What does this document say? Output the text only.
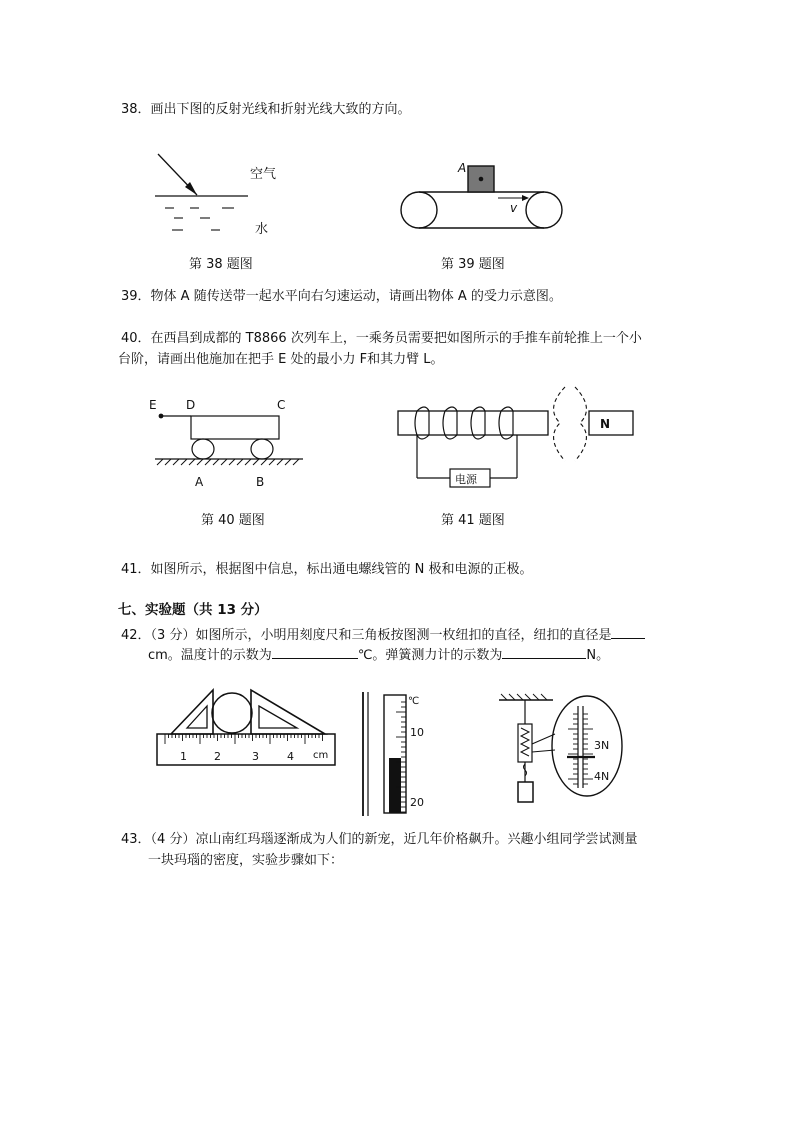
38．画出下图的反射光线和折射光线大致的方向。
空气
水
第 38 题图
A
v
第 39 题图
39．物体 A 随传送带一起水平向右匀速运动，请画出物体 A 的受力示意图。
40．在西昌到成都的 T8866 次列车上，一乘务员需要把如图所示的手推车前轮推上一个小
台阶，请画出他施加在把手 E 处的最小力 F和其力臂 L。
E D	C
A	B
第 40 题图
电源
N
第 41 题图
41．如图所示，根据图中信息，标出通电螺线管的 N 极和电源的正极。
七、实验题（共 13 分）
42．（3 分）如图所示，小明用刻度尺和三角板按图测一枚纽扣的直径，纽扣的直径是
cm。温度计的示数为	℃。弹簧测力计的示数为	N。
1 2	3	4 cm
℃
10
20
3N
4N
43．（4 分）凉山南红玛瑙逐渐成为人们的新宠，近几年价格飙升。兴趣小组同学尝试测量
一块玛瑙的密度，实验步骤如下：
